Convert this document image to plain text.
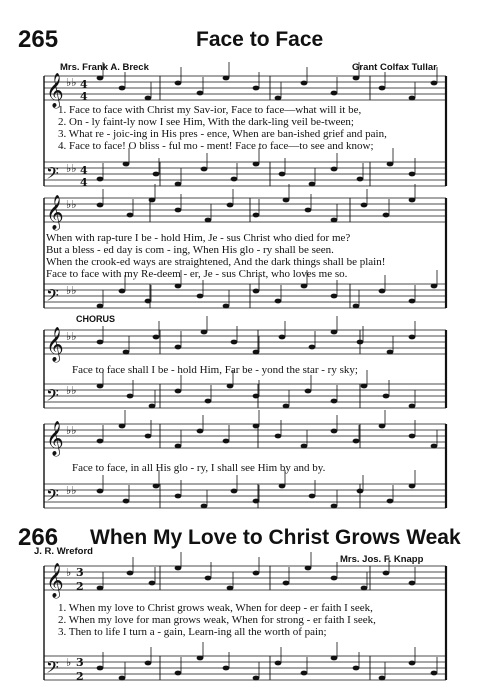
265	Face to Face
Mrs. Frank A. Breck	Grant Colfax Tullar
𝄞
𝄢
𝄞
𝄢
𝄞
𝄢
𝄞
𝄢
𝄞
𝄢
♭♭ 4
4
♭♭ 4
4
♭♭
♭♭
♭♭
♭♭
♭♭
♭♭
♭ 3
2
♭ 3
2
1. Face to face with Christ my Sav-ior, Face to face—what will it be,
2. On - ly faint-ly now I see Him, With the dark-ling veil be-tween;
3. What re - joic-ing in His pres - ence, When are ban-ished grief and pain,
4. Face to face! O bliss - ful mo - ment! Face to face—to see and know;
When with rap-ture I be - hold Him, Je - sus Christ who died for me?
But a bless - ed day is com - ing, When His glo - ry shall be seen.
When the crook-ed ways are straightened, And the dark things shall be plain!
Face to face with my Re-deem - er, Je - sus Christ, who loves me so.
CHORUS
Face to face shall I be - hold Him, Far be - yond the star - ry sky;
Face to face, in all His glo - ry, I shall see Him by and by.
266 When My Love to Christ Grows Weak
J. R. Wreford
Mrs. Jos. F. Knapp
1. When my love to Christ grows weak, When for deep - er faith I seek,
2. When my love for man grows weak, When for strong - er faith I seek,
3. Then to life I turn a - gain, Learn-ing all the worth of pain;
